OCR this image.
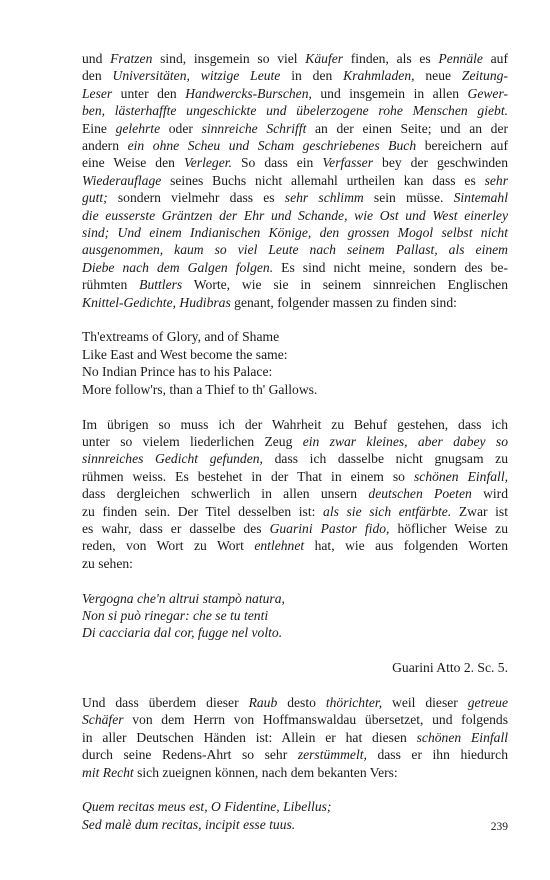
und Fratzen sind, insgemein so viel Käufer finden, als es Pennäle auf
den Universitäten, witzige Leute in den Krahmladen, neue Zeitung-
Leser unter den Handwercks-Burschen, und insgemein in allen Gewer-
ben, lästerhaffte ungeschickte und übelerzogene rohe Menschen giebt.
Eine gelehrte oder sinnreiche Schrifft an der einen Seite; und an der
andern ein ohne Scheu und Scham geschriebenes Buch bereichern auf
eine Weise den Verleger. So dass ein Verfasser bey der geschwinden
Wiederauflage seines Buchs nicht allemahl urtheilen kan dass es sehr
gutt; sondern vielmehr dass es sehr schlimm sein müsse. Sintemahl
die eusserste Gräntzen der Ehr und Schande, wie Ost und West einerley
sind; Und einem Indianischen Könige, den grossen Mogol selbst nicht
ausgenommen, kaum so viel Leute nach seinem Pallast, als einem
Diebe nach dem Galgen folgen. Es sind nicht meine, sondern des be-
rühmten Buttlers Worte, wie sie in seinem sinnreichen Englischen
Knittel-Gedichte, Hudibras genant, folgender massen zu finden sind:
Th'extreams of Glory, and of Shame
Like East and West become the same:
No Indian Prince has to his Palace:
More follow'rs, than a Thief to th' Gallows.
Im übrigen so muss ich der Wahrheit zu Behuf gestehen, dass ich
unter so vielem liederlichen Zeug ein zwar kleines, aber dabey so
sinnreiches Gedicht gefunden, dass ich dasselbe nicht gnugsam zu
rühmen weiss. Es bestehet in der That in einem so schönen Einfall,
dass dergleichen schwerlich in allen unsern deutschen Poeten wird
zu finden sein. Der Titel desselben ist: als sie sich entfärbte. Zwar ist
es wahr, dass er dasselbe des Guarini Pastor fido, höflicher Weise zu
reden, von Wort zu Wort entlehnet hat, wie aus folgenden Worten
zu sehen:
Vergogna che'n altrui stampò natura,
Non si può rinegar: che se tu tenti
Di cacciaria dal cor, fugge nel volto.
Guarini Atto 2. Sc. 5.
Und dass überdem dieser Raub desto thörichter, weil dieser getreue
Schäfer von dem Herrn von Hoffmanswaldau übersetzet, und folgends
in aller Deutschen Händen ist: Allein er hat diesen schönen Einfall
durch seine Redens-Ahrt so sehr zerstümmelt, dass er ihn hiedurch
mit Recht sich zueignen können, nach dem bekanten Vers:
Quem recitas meus est, O Fidentine, Libellus;
Sed malè dum recitas, incipit esse tuus.	239
